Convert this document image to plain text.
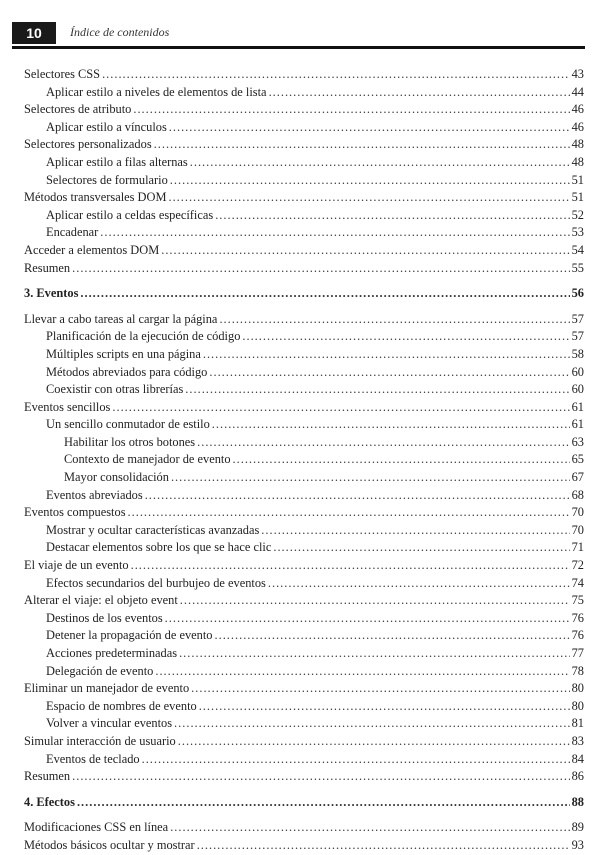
10	Índice de contenidos
Selectores CSS .....	43
Aplicar estilo a niveles de elementos de lista .....	44
Selectores de atributo .....	46
Aplicar estilo a vínculos .....	46
Selectores personalizados .....	48
Aplicar estilo a filas alternas .....	48
Selectores de formulario .....	51
Métodos transversales DOM .....	51
Aplicar estilo a celdas específicas .....	52
Encadenar .....	53
Acceder a elementos DOM .....	54
Resumen .....	55
3. Eventos .....	56
Llevar a cabo tareas al cargar la página .....	57
Planificación de la ejecución de código .....	57
Múltiples scripts en una página .....	58
Métodos abreviados para código .....	60
Coexistir con otras librerías .....	60
Eventos sencillos .....	61
Un sencillo conmutador de estilo .....	61
Habilitar los otros botones .....	63
Contexto de manejador de evento .....	65
Mayor consolidación .....	67
Eventos abreviados .....	68
Eventos compuestos .....	70
Mostrar y ocultar características avanzadas .....	70
Destacar elementos sobre los que se hace clic .....	71
El viaje de un evento .....	72
Efectos secundarios del burbujeo de eventos .....	74
Alterar el viaje: el objeto event .....	75
Destinos de los eventos .....	76
Detener la propagación de evento .....	76
Acciones predeterminadas .....	77
Delegación de evento .....	78
Eliminar un manejador de evento .....	80
Espacio de nombres de evento .....	80
Volver a vincular eventos .....	81
Simular interacción de usuario .....	83
Eventos de teclado .....	84
Resumen .....	86
4. Efectos .....	88
Modificaciones CSS en línea .....	89
Métodos básicos ocultar y mostrar .....	93
